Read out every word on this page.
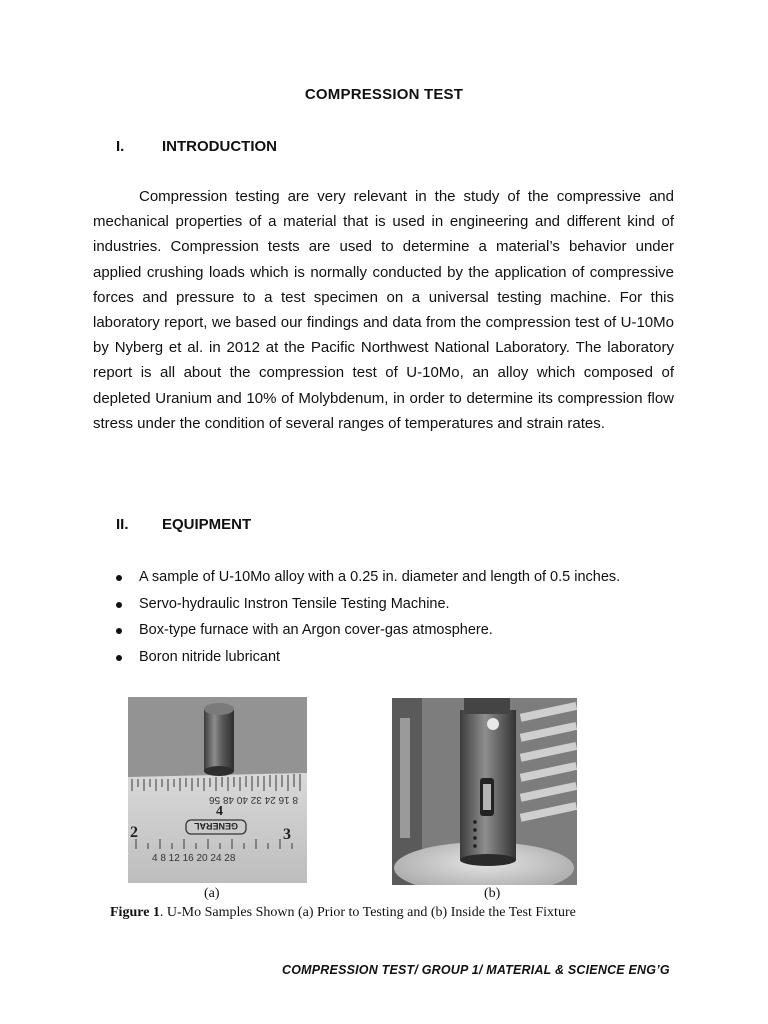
COMPRESSION TEST
I.	INTRODUCTION

Compression testing are very relevant in the study of the compressive and mechanical properties of a material that is used in engineering and different kind of industries. Compression tests are used to determine a material’s behavior under applied crushing loads which is normally conducted by the application of compressive forces and pressure to a test specimen on a universal testing machine. For this laboratory report, we based our findings and data from the compression test of U-10Mo by Nyberg et al. in 2012 at the Pacific Northwest National Laboratory. The laboratory report is all about the compression test of U-10Mo, an alloy which composed of depleted Uranium and 10% of Molybdenum, in order to determine its compression flow stress under the condition of several ranges of temperatures and strain rates.

II. EQUIPMENT
A sample of U-10Mo alloy with a 0.25 in. diameter and length of 0.5 inches.
Servo-hydraulic Instron Tensile Testing Machine.
Box-type furnace with an Argon cover-gas atmosphere.
Boron nitride lubricant
8 16 24 32 40 48 56
4
GENERAL
2	3
4 8 12 16 20 24 28
(a)	(b)
Figure 1. U-Mo Samples Shown (a) Prior to Testing and (b) Inside the Test Fixture
COMPRESSION TEST/ GROUP 1/ MATERIAL & SCIENCE ENG’G
